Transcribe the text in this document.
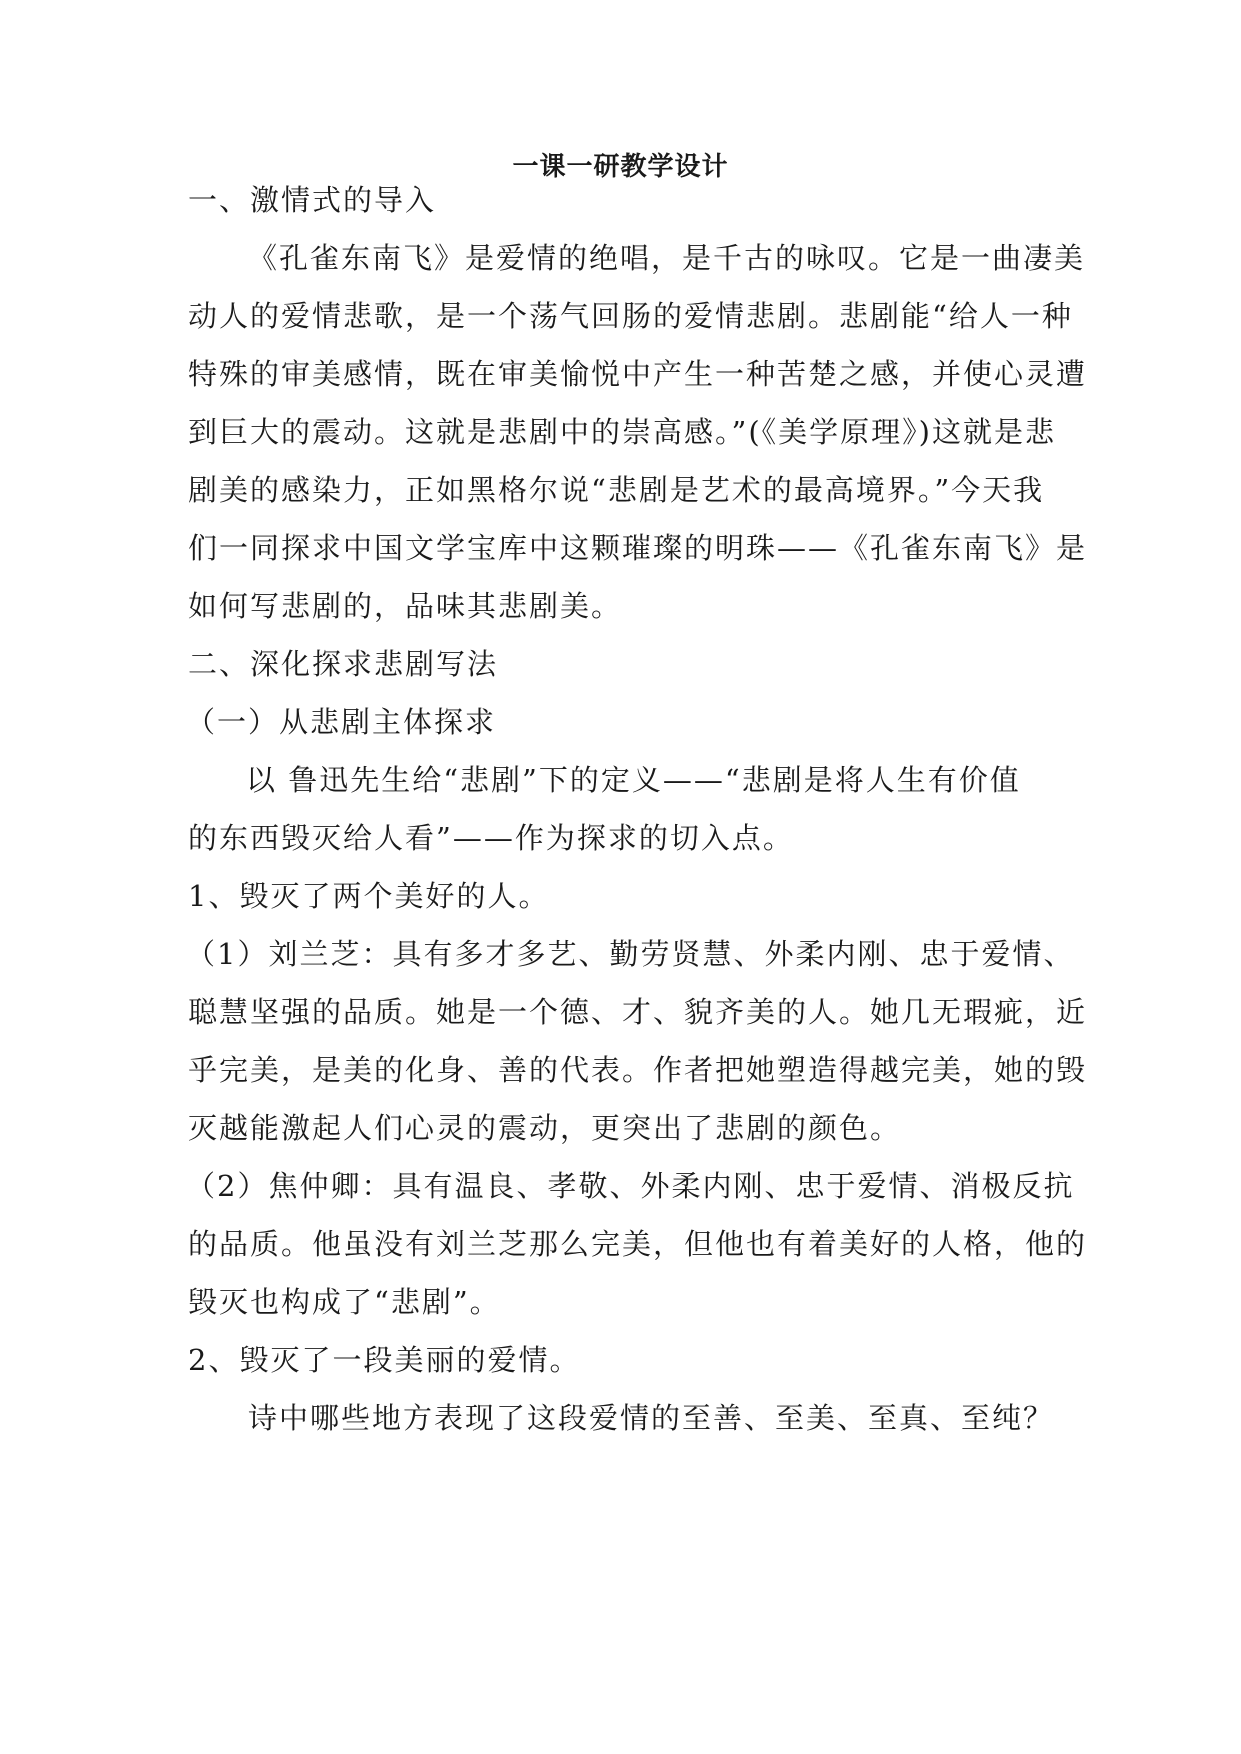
一课一研教学设计
一、激情式的导入
《孔雀东南飞》是爱情的绝唱，是千古的咏叹。它是一曲凄美
动人的爱情悲歌，是一个荡气回肠的爱情悲剧。悲剧能“给人一种
特殊的审美感情，既在审美愉悦中产生一种苦楚之感，并使心灵遭
到巨大的震动。这就是悲剧中的崇高感。”(《美学原理》)这就是悲
剧美的感染力，正如黑格尔说“悲剧是艺术的最高境界。”今天我
们一同探求中国文学宝库中这颗璀璨的明珠——《孔雀东南飞》是
如何写悲剧的，品味其悲剧美。
二、深化探求悲剧写法
（一）从悲剧主体探求
以 鲁迅先生给“悲剧”下的定义——“悲剧是将人生有价值
的东西毁灭给人看”——作为探求的切入点。
1、毁灭了两个美好的人。
（1）刘兰芝：具有多才多艺、勤劳贤慧、外柔内刚、忠于爱情、
聪慧坚强的品质。她是一个德、才、貌齐美的人。她几无瑕疵，近
乎完美，是美的化身、善的代表。作者把她塑造得越完美，她的毁
灭越能激起人们心灵的震动，更突出了悲剧的颜色。
（2）焦仲卿：具有温良、孝敬、外柔内刚、忠于爱情、消极反抗
的品质。他虽没有刘兰芝那么完美，但他也有着美好的人格，他的
毁灭也构成了“悲剧”。
2、毁灭了一段美丽的爱情。
诗中哪些地方表现了这段爱情的至善、至美、至真、至纯？
